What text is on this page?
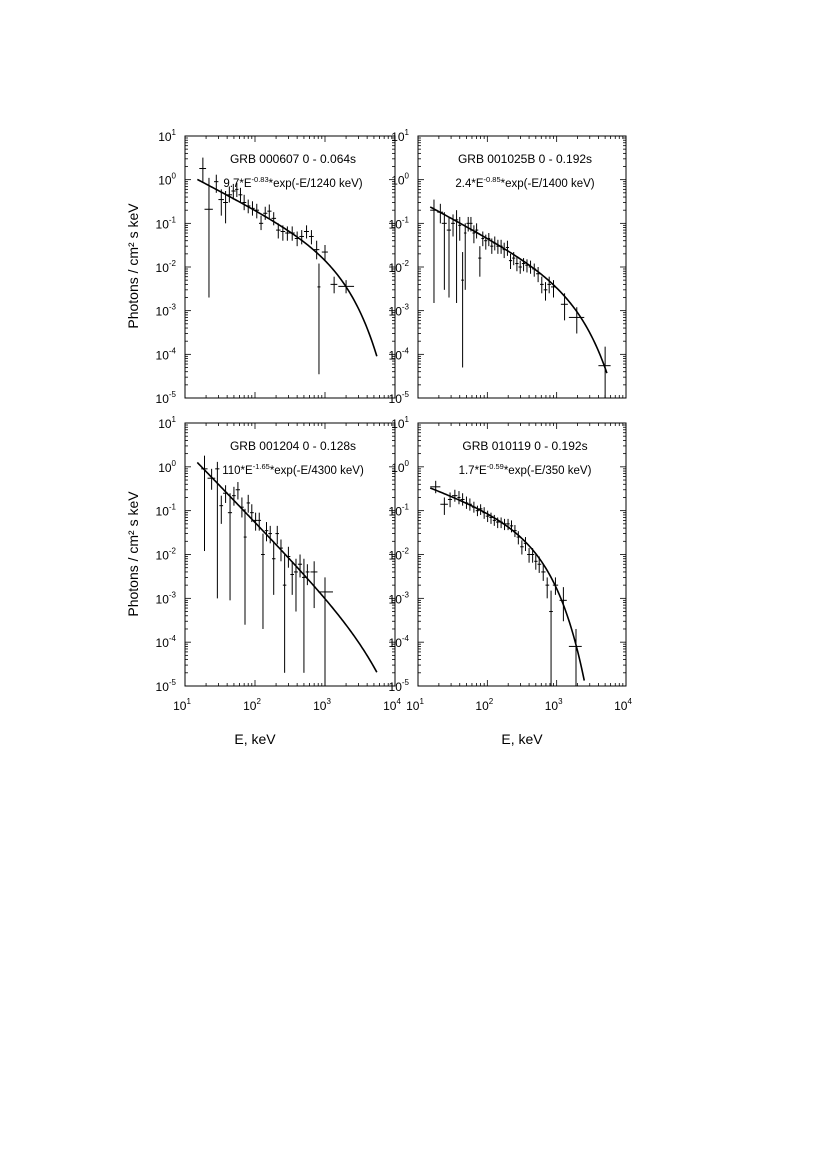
$10^{-5}$
$10^{-4}$
$10^{-3}$
$10^{-2}$
$10^{-1}$
$10^0$
$10^1$
GRB 000607 0 - 0.064s
$9.7*E^{-0.83}*\exp(-E/1240$ keV)
$10^{-5}$
$10^{-4}$
$10^{-3}$
$10^{-2}$
$10^{-1}$
$10^0$
$10^1$
GRB 001025B 0 - 0.192s
$2.4*E^{-0.85}*\exp(-E/1400$ keV)
$10^{-5}$
$10^{-4}$
$10^{-3}$
$10^{-2}$
$10^{-1}$
$10^0$
$10^1$
$10^1$	$10^2$	$10^3$	$10^4$
GRB 001204 0 - 0.128s
$110*E^{-1.65}*\exp(-E/4300$ keV)
$10^{-5}$
$10^{-4}$
$10^{-3}$
$10^{-2}$
$10^{-1}$
$10^0$
$10^1$
$10^1$	$10^2$	$10^3$	$10^4$
GRB 010119 0 - 0.192s
$1.7*E^{-0.59}*\exp(-E/350$ keV)
Photons / cm² s keV
Photons / cm² s keV
E, keV	E, keV
